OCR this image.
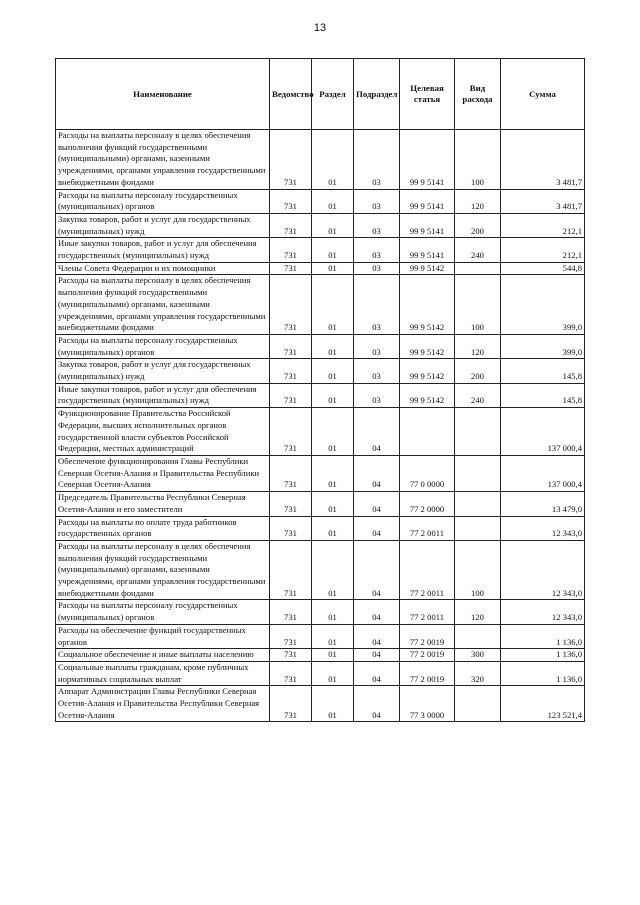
13
Наименование	Ведомство	Раздел	Подраздел	Целевая статья	Вид расхода	Сумма
Расходы на выплаты персоналу в целях обеспечения выполнения функций государственными (муниципальными) органами, казенными учреждениями, органами управления государственными внебюджетными фондами	731	01	03	99 9 5141	100	3 481,7
Расходы на выплаты персоналу государственных (муниципальных) органов	731	01	03	99 9 5141	120	3 481,7
Закупка товаров, работ и услуг для государственных (муниципальных) нужд	731	01	03	99 9 5141	200	212,1
Иные закупки товаров, работ и услуг для обеспечения государственных (муниципальных) нужд	731	01	03	99 9 5141	240	212,1
Члены Совета Федерации и их помощники	731	01	03	99 9 5142		544,8
Расходы на выплаты персоналу в целях обеспечения выполнения функций государственными (муниципальными) органами, казенными учреждениями, органами управления государственными внебюджетными фондами	731	01	03	99 9 5142	100	399,0
Расходы на выплаты персоналу государственных (муниципальных) органов	731	01	03	99 9 5142	120	399,0
Закупка товаров, работ и услуг для государственных (муниципальных) нужд	731	01	03	99 9 5142	200	145,8
Иные закупки товаров, работ и услуг для обеспечения государственных (муниципальных) нужд	731	01	03	99 9 5142	240	145,8
Функционирование Правительства Российской Федерации, высших исполнительных органов государственной власти субъектов Российской Федерации, местных администраций	731	01	04			137 000,4
Обеспечение функционирования Главы Республики Северная Осетия-Алания и Правительства Республики Северная Осетия-Алания	731	01	04	77 0 0000		137 000,4
Председатель Правительства Республики Северная Осетия-Алания и его заместители	731	01	04	77 2 0000		13 479,0
Расходы на выплаты по оплате труда работников государственных органов	731	01	04	77 2 0011		12 343,0
Расходы на выплаты персоналу в целях обеспечения выполнения функций государственными (муниципальными) органами, казенными учреждениями, органами управления государственными внебюджетными фондами	731	01	04	77 2 0011	100	12 343,0
Расходы на выплаты персоналу государственных (муниципальных) органов	731	01	04	77 2 0011	120	12 343,0
Расходы на обеспечение функций государственных органов	731	01	04	77 2 0019		1 136,0
Социальное обеспечение и иные выплаты населению	731	01	04	77 2 0019	300	1 136,0
Социальные выплаты гражданам, кроме публичных нормативных социальных выплат	731	01	04	77 2 0019	320	1 136,0
Аппарат Администрации Главы Республики Северная Осетия-Алания и Правительства Республики Северная Осетия-Алания	731	01	04	77 3 0000		123 521,4
